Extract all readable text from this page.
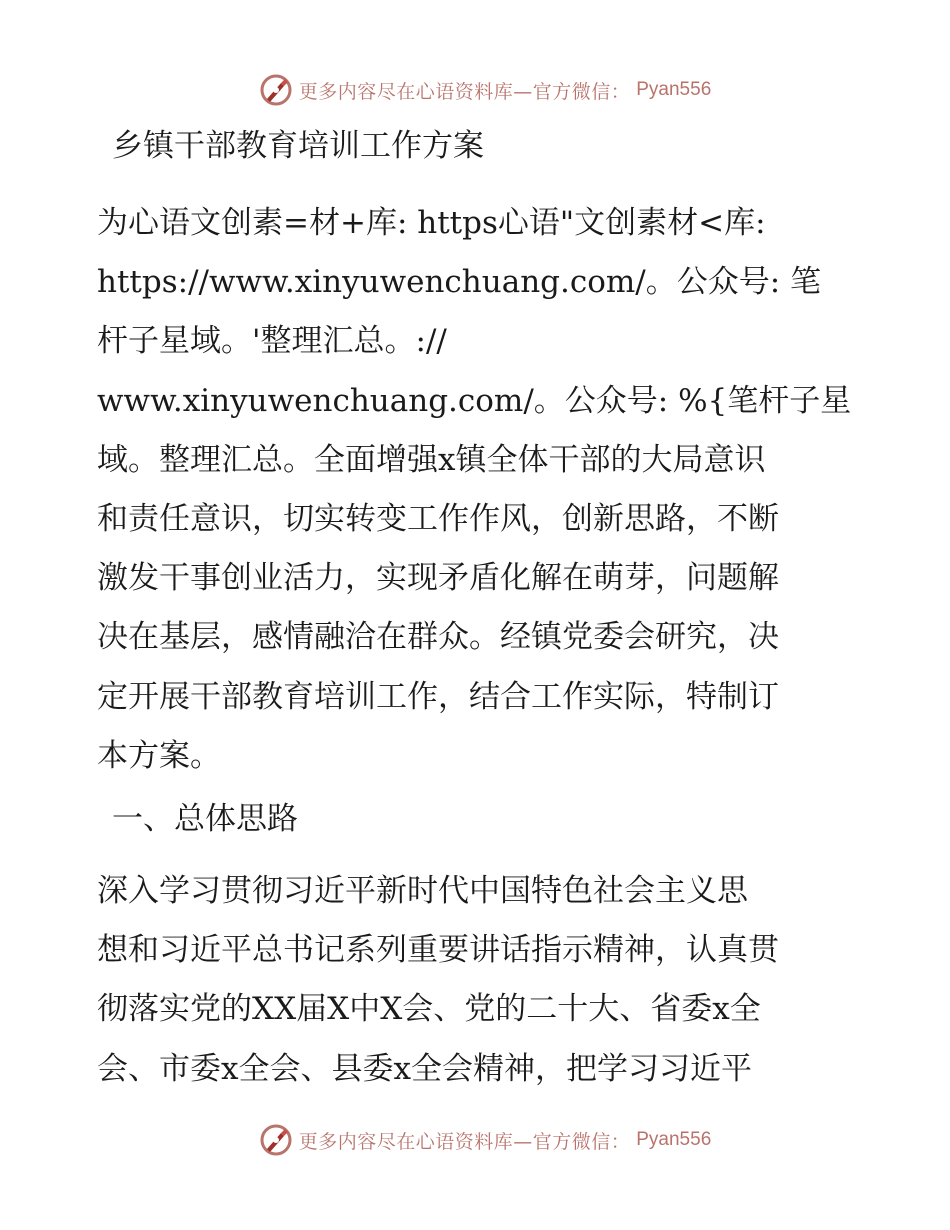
更多内容尽在心语资料库—官方微信： Pyan556
乡镇干部教育培训工作方案
为心语文创素=材+库: https心语"文创素材<库:
https://www.xinyuwenchuang.com/。公众号: 笔
杆子星域。'整理汇总。://
www.xinyuwenchuang.com/。公众号: %{笔杆子星
域。整理汇总。全面增强x镇全体干部的大局意识
和责任意识，切实转变工作作风，创新思路，不断
激发干事创业活力，实现矛盾化解在萌芽，问题解
决在基层，感情融洽在群众。经镇党委会研究，决
定开展干部教育培训工作，结合工作实际，特制订
本方案。
一、总体思路
深入学习贯彻习近平新时代中国特色社会主义思
想和习近平总书记系列重要讲话指示精神，认真贯
彻落实党的XX届X中X会、党的二十大、省委x全
会、市委x全会、县委x全会精神，把学习习近平
更多内容尽在心语资料库—官方微信： Pyan556
